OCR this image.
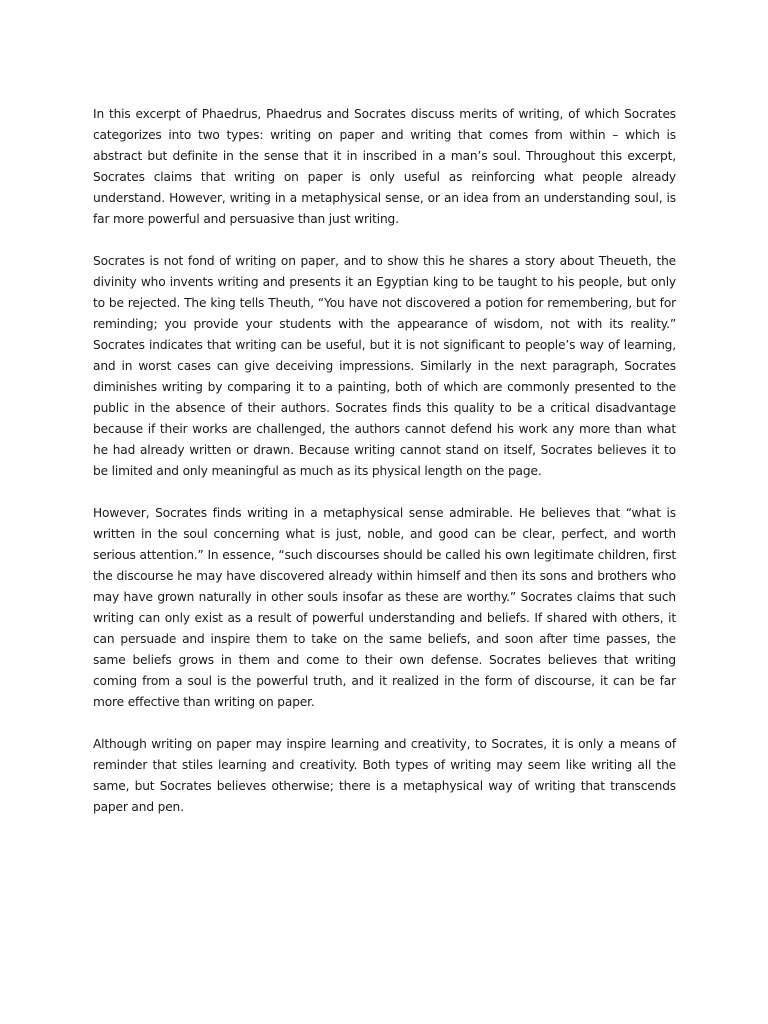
In this excerpt of Phaedrus, Phaedrus and Socrates discuss merits of writing, of which Socrates categorizes into two types: writing on paper and writing that comes from within – which is abstract but definite in the sense that it in inscribed in a man’s soul. Throughout this excerpt, Socrates claims that writing on paper is only useful as reinforcing what people already understand. However, writing in a metaphysical sense, or an idea from an understanding soul, is far more powerful and persuasive than just writing.

Socrates is not fond of writing on paper, and to show this he shares a story about Theueth, the divinity who invents writing and presents it an Egyptian king to be taught to his people, but only to be rejected. The king tells Theuth, “You have not discovered a potion for remembering, but for reminding; you provide your students with the appearance of wisdom, not with its reality.” Socrates indicates that writing can be useful, but it is not significant to people’s way of learning, and in worst cases can give deceiving impressions. Similarly in the next paragraph, Socrates diminishes writing by comparing it to a painting, both of which are commonly presented to the public in the absence of their authors. Socrates finds this quality to be a critical disadvantage because if their works are challenged, the authors cannot defend his work any more than what he had already written or drawn. Because writing cannot stand on itself, Socrates believes it to be limited and only meaningful as much as its physical length on the page.

However, Socrates finds writing in a metaphysical sense admirable. He believes that “what is written in the soul concerning what is just, noble, and good can be clear, perfect, and worth serious attention.” In essence, “such discourses should be called his own legitimate children, first the discourse he may have discovered already within himself and then its sons and brothers who may have grown naturally in other souls insofar as these are worthy.” Socrates claims that such writing can only exist as a result of powerful understanding and beliefs. If shared with others, it can persuade and inspire them to take on the same beliefs, and soon after time passes, the same beliefs grows in them and come to their own defense. Socrates believes that writing coming from a soul is the powerful truth, and it realized in the form of discourse, it can be far more effective than writing on paper.

Although writing on paper may inspire learning and creativity, to Socrates, it is only a means of reminder that stiles learning and creativity. Both types of writing may seem like writing all the same, but Socrates believes otherwise; there is a metaphysical way of writing that transcends paper and pen.
